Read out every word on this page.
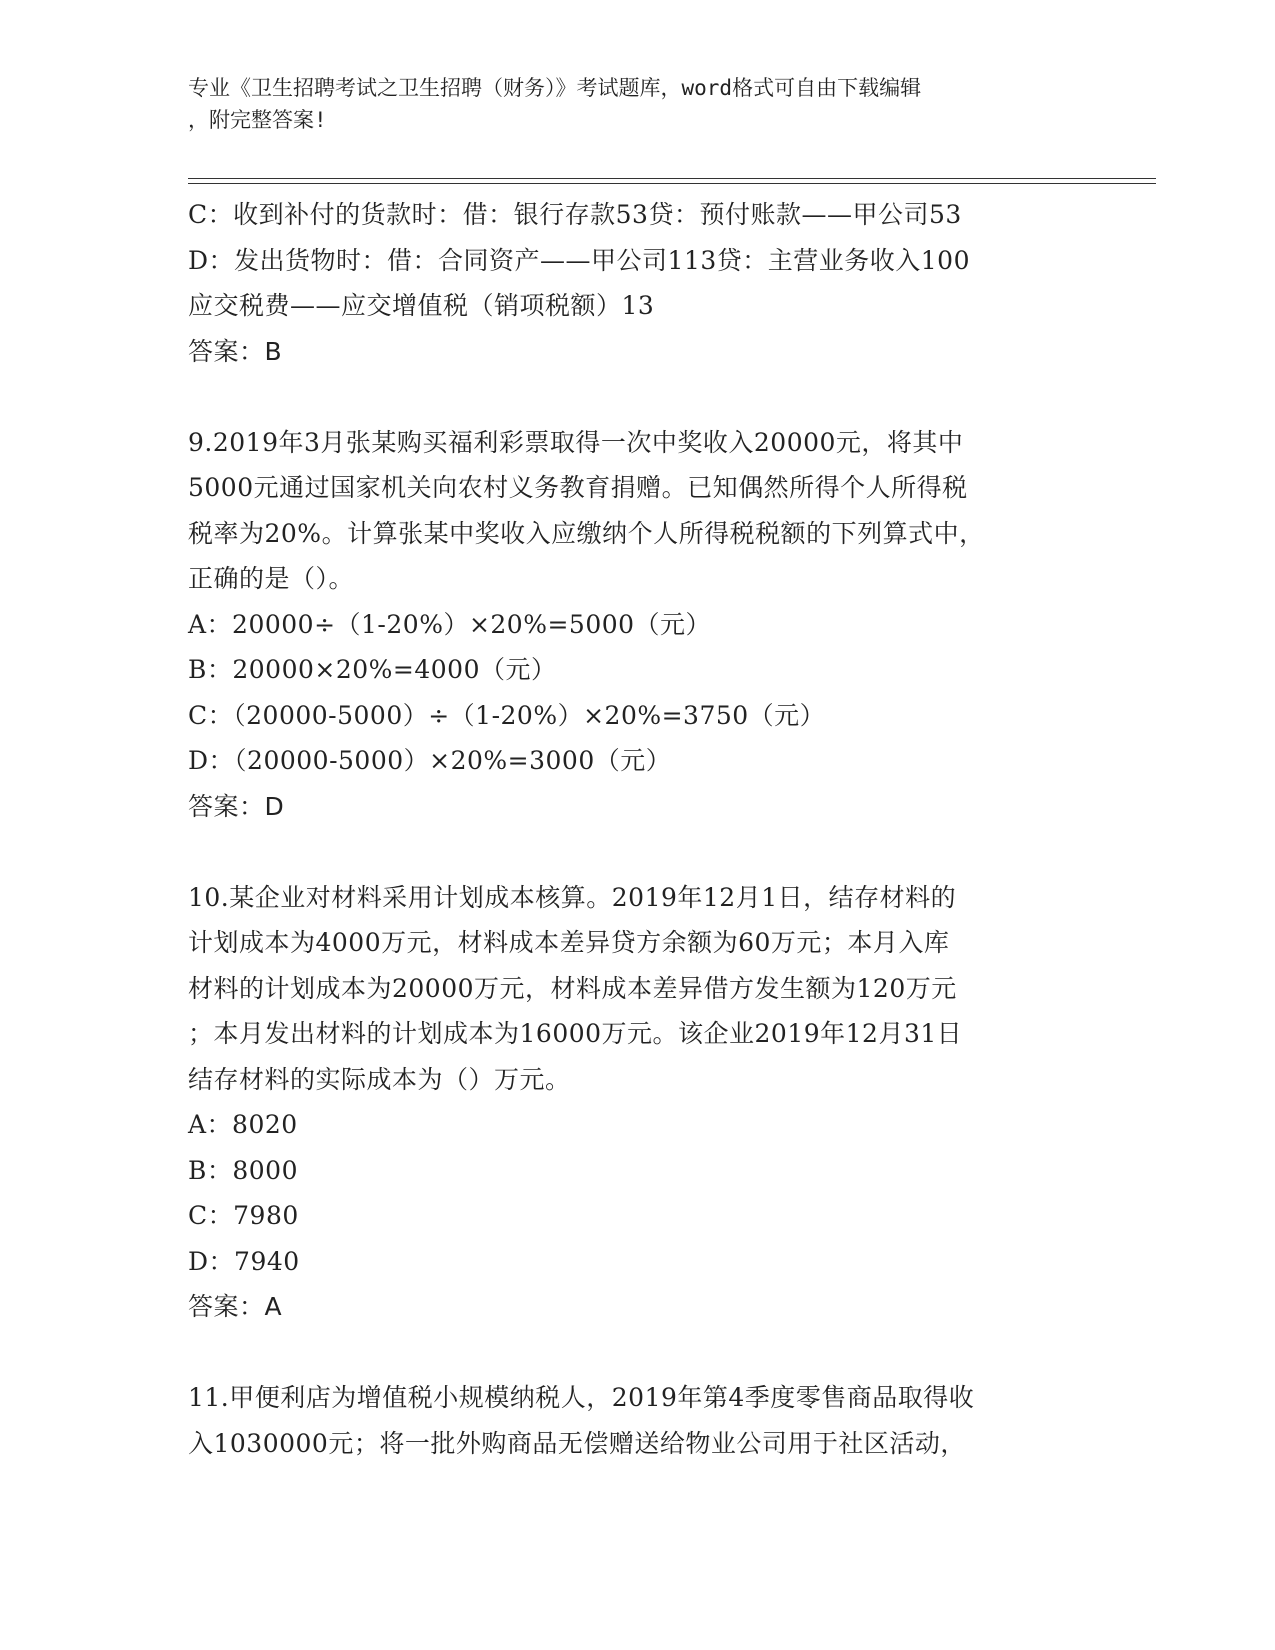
专业《卫生招聘考试之卫生招聘（财务）》考试题库，word格式可自由下载编辑
，附完整答案!
C：收到补付的货款时：借：银行存款53贷：预付账款——甲公司53
D：发出货物时：借：合同资产——甲公司113贷：主营业务收入100
应交税费——应交增值税（销项税额）13
答案：B
9.2019年3月张某购买福利彩票取得一次中奖收入20000元，将其中
5000元通过国家机关向农村义务教育捐赠。已知偶然所得个人所得税
税率为20%。计算张某中奖收入应缴纳个人所得税税额的下列算式中，
正确的是（）。
A：20000÷（1-20%）×20%=5000（元）
B：20000×20%=4000（元）
C：（20000-5000）÷（1-20%）×20%=3750（元）
D：（20000-5000）×20%=3000（元）
答案：D
10.某企业对材料采用计划成本核算。2019年12月1日，结存材料的
计划成本为4000万元，材料成本差异贷方余额为60万元；本月入库
材料的计划成本为20000万元，材料成本差异借方发生额为120万元
；本月发出材料的计划成本为16000万元。该企业2019年12月31日
结存材料的实际成本为（）万元。
A：8020
B：8000
C：7980
D：7940
答案：A
11.甲便利店为增值税小规模纳税人，2019年第4季度零售商品取得收
入1030000元；将一批外购商品无偿赠送给物业公司用于社区活动，
